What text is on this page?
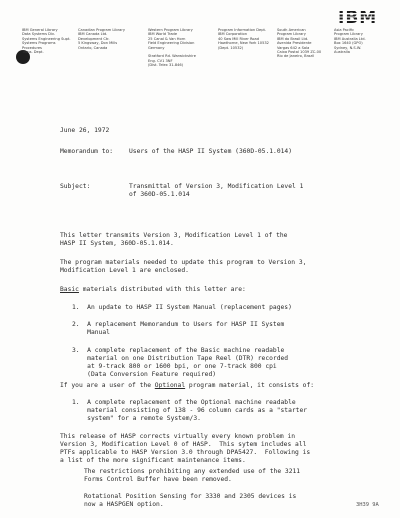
IBM
IBM General Library
Data Systems Div.
Systems Engineering Supt.
Systems Programs
Procedures
Trans. Dept.
Canadian Program Library
IBM Canada Ltd.
Development Ctr.
5 Kingsway, Don Mills
Ontario, Canada
Western Program Library
IBM World Trade
25 Canal & Van Horn
Field Engineering Division
Germany

Stratford Rd. Warwickshire
Eng. CV1 3NF
(Dist. Telex 31-846)
Program Information Dept.
IBM Corporation
40 Saw Mill River Road
Hawthorne, New York 10532
(Dept. 10532)
South American
Program Library
IBM do Brasil Ltd.
Avenida Presidente
Vargas 642 a Sala
Caixa Postal 1039 ZC-00
Rio de Janeiro, Brazil
Asia Pacific
Program Library
IBM Australia Ltd.
Box 1640 (GPO)
Sydney, N.S.W.
Australia
June 26, 1972
Memorandum to:	Users of the HASP II System (360D-05.1.014)
Subject:	Transmittal of Version 3, Modification Level 1
of 360D-05.1.014
This letter transmits Version 3, Modification Level 1 of the
HASP II System, 360D-05.1.014.
The program materials needed to update this program to Version 3,
Modification Level 1 are enclosed.
Basic materials distributed with this letter are:
1.  An update to HASP II System Manual (replacement pages)
2.  A replacement Memorandum to Users for HASP II System
Manual
3.  A complete replacement of the Basic machine readable
material on one Distribution Tape Reel (DTR) recorded
at 9-track 800 or 1600 bpi, or one 7-track 800 cpi
(Data Conversion Feature required)
If you are a user of the Optional program material, it consists of:
1.  A complete replacement of the Optional machine readable
material consisting of 138 - 96 column cards as a "starter
system" for a remote System/3.
This release of HASP corrects virtually every known problem in
Version 3, Modification Level 0 of HASP.  This sytem includes all
PTFs applicable to HASP Version 3.0 through DPA5427.  Following is
a list of the more significant maintenance items.
The restrictions prohibiting any extended use of the 3211
Forms Control Buffer have been removed.
Rotational Position Sensing for 3330 and 2305 devices is
now a HASPGEN option.	3H39 9A
